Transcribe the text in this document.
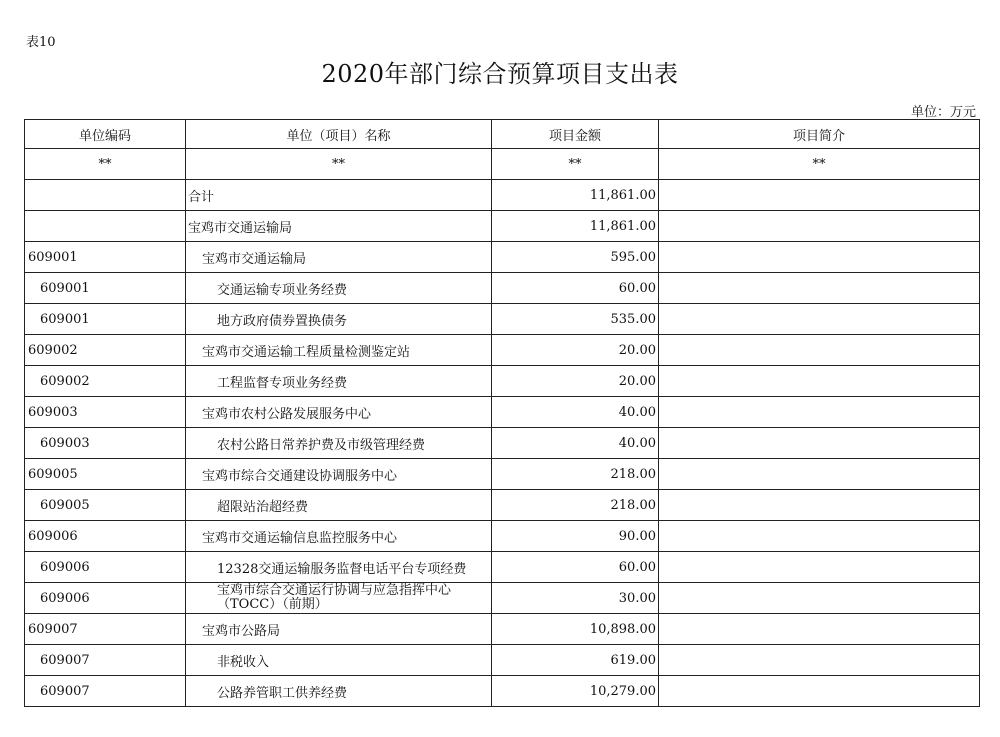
表10
2020年部门综合预算项目支出表
单位：万元
单位编码	单位（项目）名称	项目金额	项目简介
**	**	**	**
	合计	11,861.00	
	宝鸡市交通运输局	11,861.00	
609001	宝鸡市交通运输局	595.00	
609001	交通运输专项业务经费	60.00	
609001	地方政府债券置换债务	535.00	
609002	宝鸡市交通运输工程质量检测鉴定站	20.00	
609002	工程监督专项业务经费	20.00	
609003	宝鸡市农村公路发展服务中心	40.00	
609003	农村公路日常养护费及市级管理经费	40.00	
609005	宝鸡市综合交通建设协调服务中心	218.00	
609005	超限站治超经费	218.00	
609006	宝鸡市交通运输信息监控服务中心	90.00	
609006	12328交通运输服务监督电话平台专项经费	60.00	
609006	宝鸡市综合交通运行协调与应急指挥中心（TOCC）（前期）	30.00	
609007	宝鸡市公路局	10,898.00	
609007	非税收入	619.00	
609007	公路养管职工供养经费	10,279.00	
